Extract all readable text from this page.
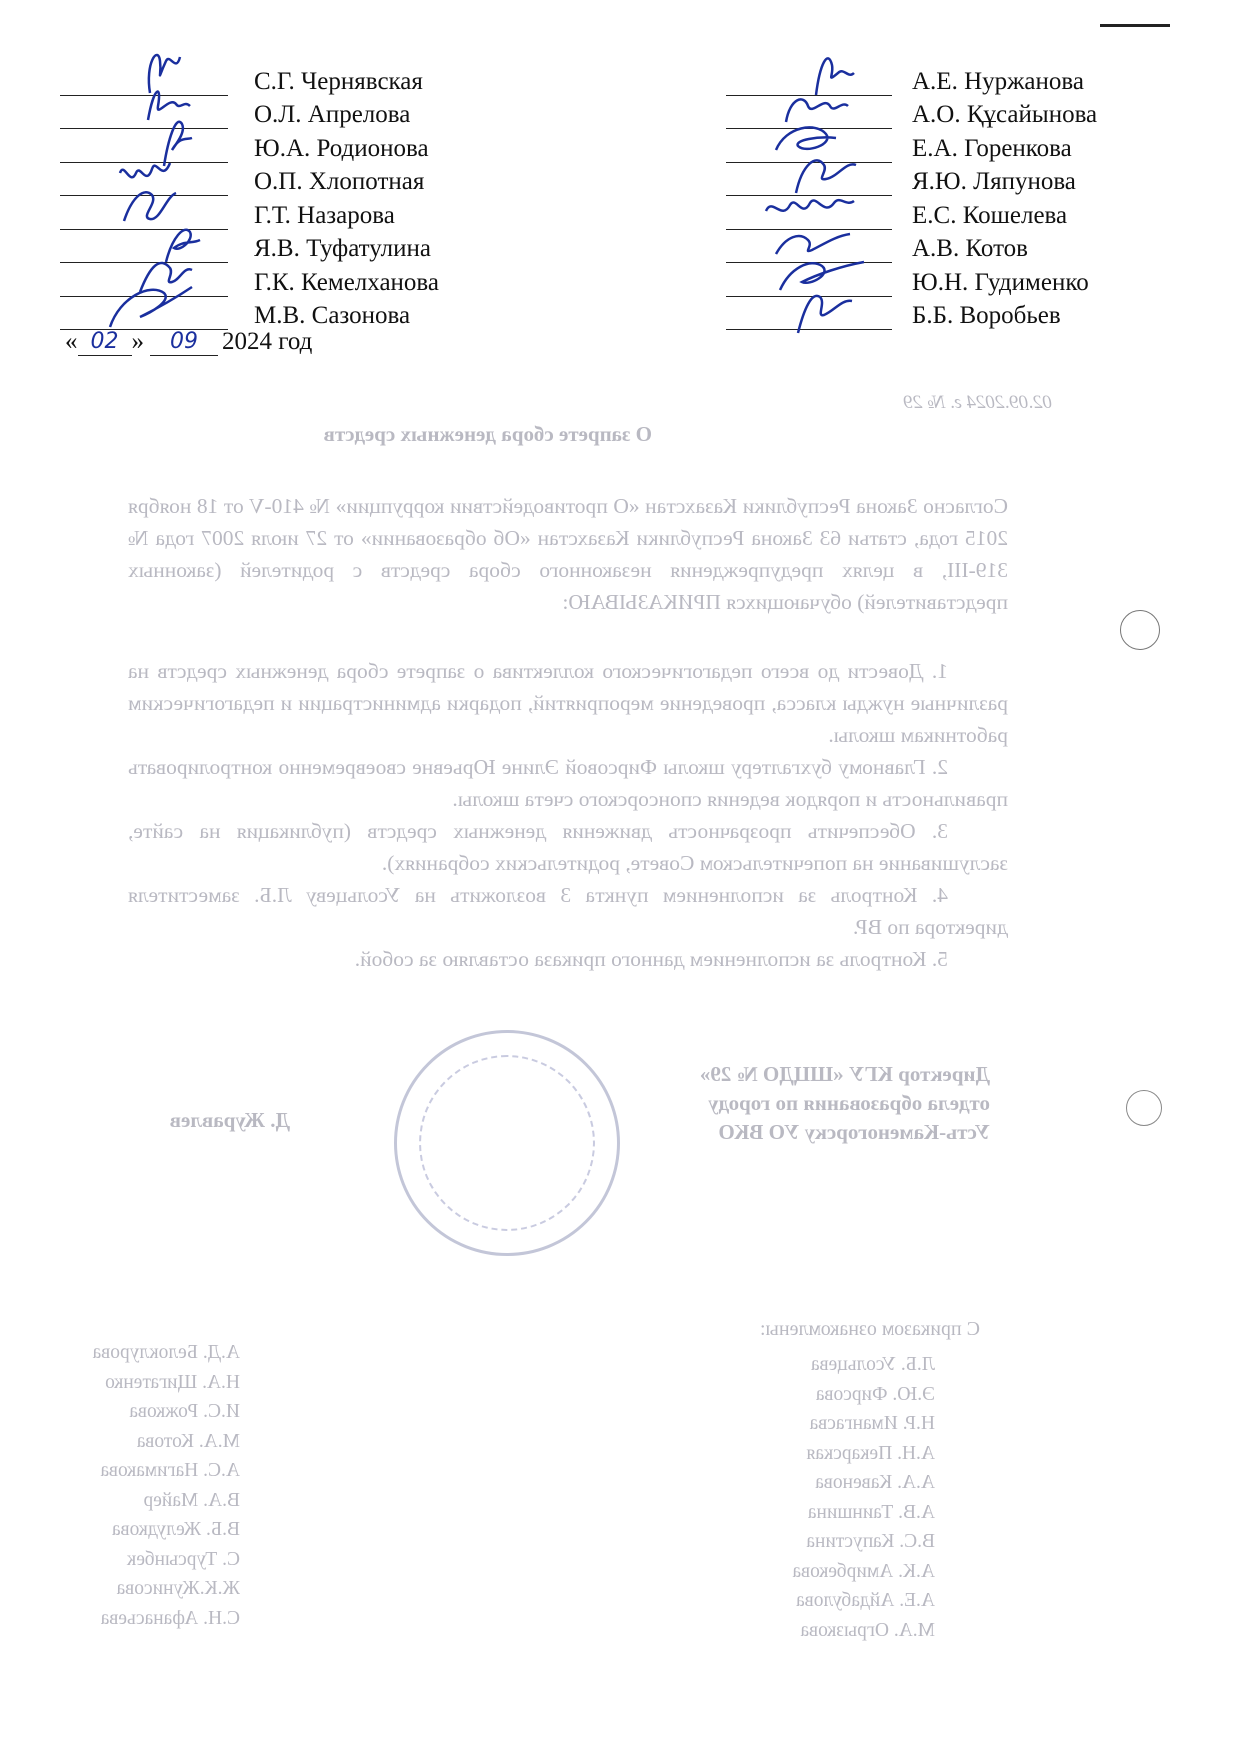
02.09.2024 г. № 29
О запрете сбора денежных средств
Согласно Закона Республики Казахстан «О противодействии коррупции» № 410-V от 18 ноября 2015 года, статьи 63 Закона Республики Казахстан «Об образовании» от 27 июля 2007 года № 319-III, в целях предупреждения незаконного сбора средств с родителей (законных представителей) обучающихся ПРИКАЗЫВАЮ:
1. Довести до всего педагогического коллектива о запрете сбора денежных средств на различные нужды класса, проведение мероприятий, подарки администрации и педагогическим работникам школы.
2. Главному бухгалтеру школы Фирсовой Элине Юрьевне своевременно контролировать правильность и порядок ведения спонсорского счета школы.
3. Обеспечить прозрачность движения денежных средств (публикация на сайте, заслушивание на попечительском Совете, родительских собраниях).
4. Контроль за исполнением пункта 3 возложить на Усольцеву Л.Б. заместителя директора по ВР.
5. Контроль за исполнением данного приказа оставляю за собой.
Директор КГУ «ШЦДО № 29»
отдела образования по городу
Усть-Каменогорску УО ВКО
Д. Журавлев
С приказом ознакомлены:
Л.Б. Усольцева
Э.Ю. Фирсова
Н.Р. Имангасва
А.Н. Пекарская
А.А. Кавенова
А.В. Таиншина
В.С. Капустина
А.К. Амирбекова
А.Е. Айдабулова
М.А. Огрызкова
А.Д. Белоклурова
Н.А. Щигатенко
И.С. Рожкова
М.А. Котова
А.С. Нагимакова
В.А. Майер
В.Б. Желудкова
С. Турсынбек
Ж.К.Жунисова
С.Н. Афанасьева
С.Г. Чернявская
О.Л. Апрелова
Ю.А. Родионова
О.П. Хлопотная
Г.Т. Назарова
Я.В. Туфатулина
Г.К. Кемелханова
М.В. Сазонова
« 02 »	09 2024 год
А.Е. Нуржанова
А.О. Құсайынова
Е.А. Горенкова
Я.Ю. Ляпунова
Е.С. Кошелева
А.В. Котов
Ю.Н. Гудименко
Б.Б. Воробьев
